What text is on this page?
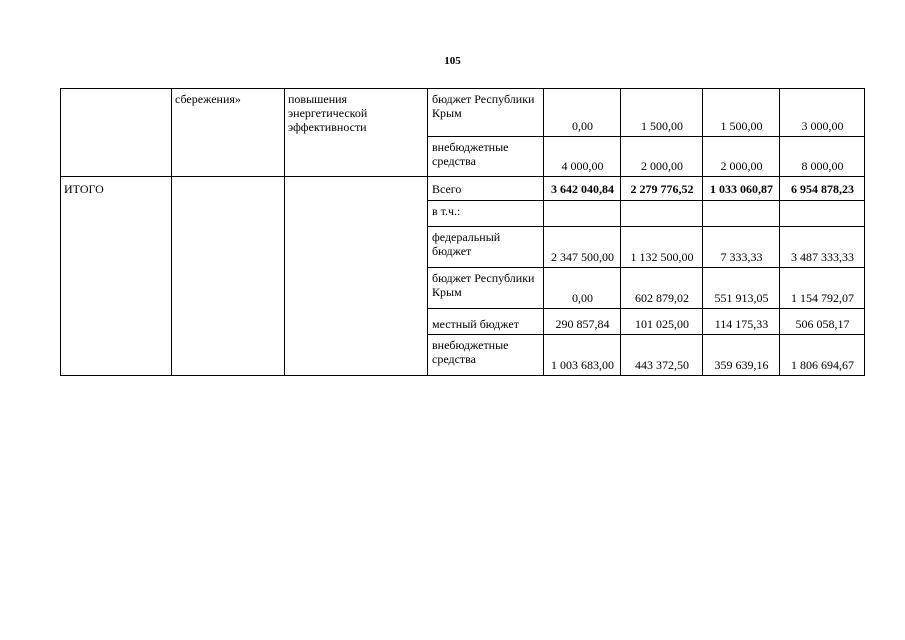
105
	сбережения»	повышения энергетической эффективности	бюджет Республики Крым	0,00	1 500,00	1 500,00	3 000,00
			внебюджетные средства	4 000,00	2 000,00	2 000,00	8 000,00
ИТОГО			Всего	3 642 040,84	2 279 776,52	1 033 060,87	6 954 878,23
			в т.ч.:				
			федеральный бюджет	2 347 500,00	1 132 500,00	7 333,33	3 487 333,33
			бюджет Республики Крым	0,00	602 879,02	551 913,05	1 154 792,07
			местный бюджет	290 857,84	101 025,00	114 175,33	506 058,17
			внебюджетные средства	1 003 683,00	443 372,50	359 639,16	1 806 694,67
